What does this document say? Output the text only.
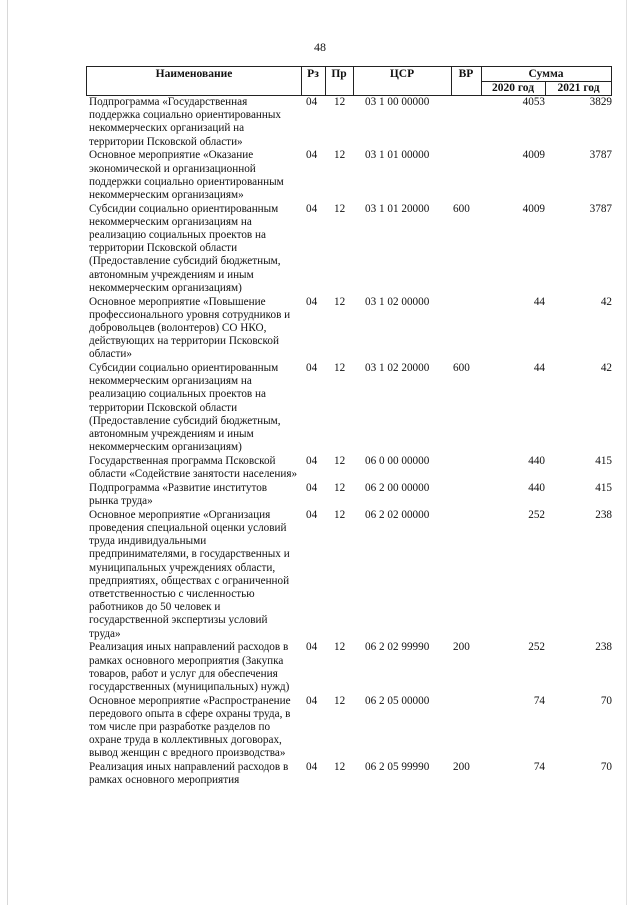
48
Наименование	Рз	Пр	ЦСР	ВР	Сумма
2020 год	2021 год
Подпрограмма «Государственная поддержка социально ориентированных некоммерческих организаций на территории Псковской области»
04	12	03 1 00 00000	4053	3829
Основное мероприятие «Оказание экономической и организационной поддержки социально ориентированным некоммерческим организациям»
04	12	03 1 01 00000	4009	3787
Субсидии социально ориентированным некоммерческим организациям на реализацию социальных проектов на территории Псковской области (Предоставление субсидий бюджетным, автономным учреждениям и иным некоммерческим организациям)
04	12	03 1 01 20000	600	4009	3787
Основное мероприятие «Повышение профессионального уровня сотрудников и добровольцев (волонтеров) СО НКО, действующих на территории Псковской области»
04	12	03 1 02 00000	44	42
Субсидии социально ориентированным некоммерческим организациям на реализацию социальных проектов на территории Псковской области (Предоставление субсидий бюджетным, автономным учреждениям и иным некоммерческим организациям)
04	12	03 1 02 20000	600	44	42
Государственная программа Псковской области «Содействие занятости населения»
04	12	06 0 00 00000	440	415
Подпрограмма «Развитие институтов рынка труда»
04	12	06 2 00 00000	440	415
Основное мероприятие «Организация проведения специальной оценки условий труда индивидуальными предпринимателями, в государственных и муниципальных учреждениях области, предприятиях, обществах с ограниченной ответственностью с численностью работников до 50 человек и государственной экспертизы условий труда»
04	12	06 2 02 00000	252	238
Реализация иных направлений расходов в рамках основного мероприятия (Закупка товаров, работ и услуг для обеспечения государственных (муниципальных) нужд)
04	12	06 2 02 99990	200	252	238
Основное мероприятие «Распространение передового опыта в сфере охраны труда, в том числе при разработке разделов по охране труда в коллективных договорах, вывод женщин с вредного производства»
04	12	06 2 05 00000	74	70
Реализация иных направлений расходов в рамках основного мероприятия
04	12	06 2 05 99990	200	74	70
